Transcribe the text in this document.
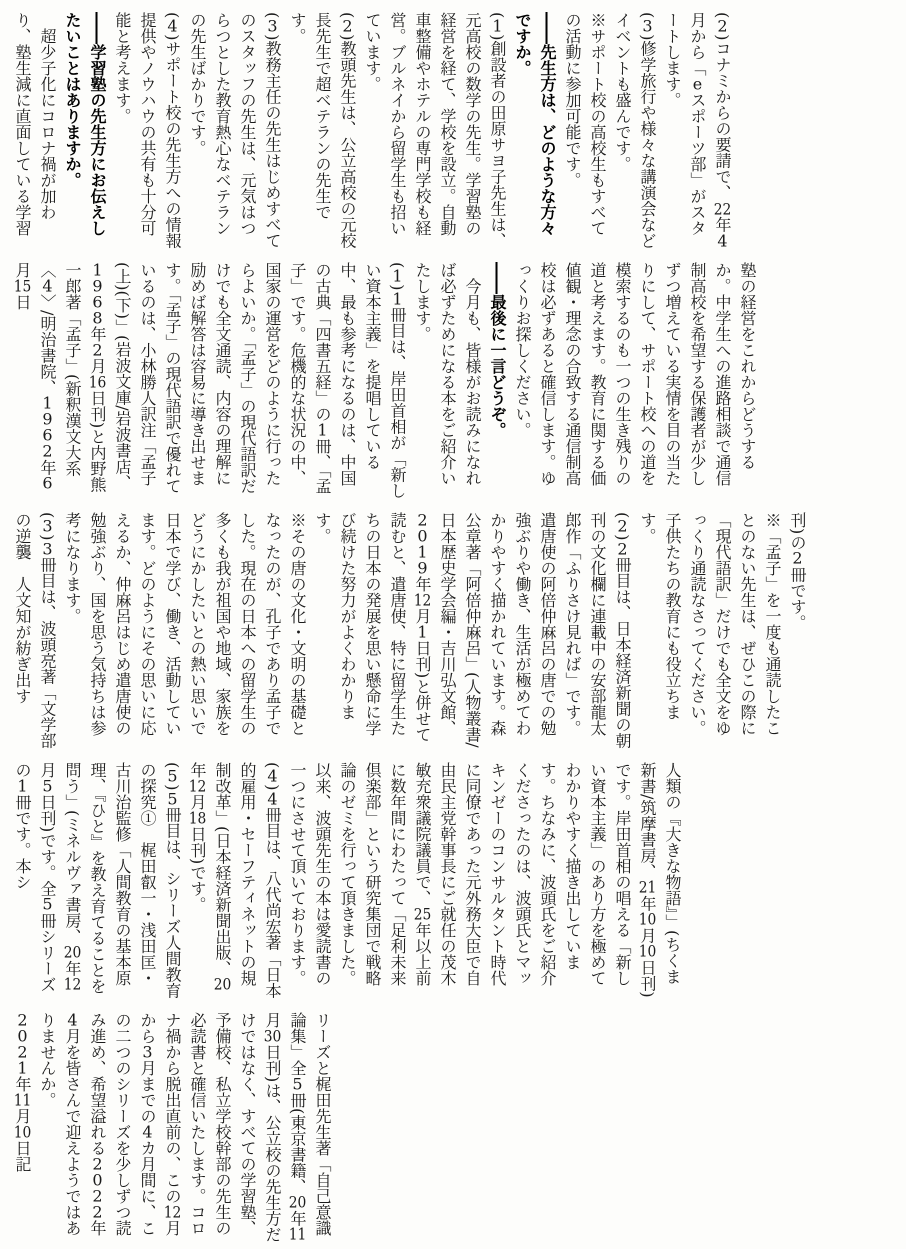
(2)コナミからの要請で、22年4月から「eスポーツ部」がスタートします。

(3)修学旅行や様々な講演会などイベントも盛んです。

※サポート校の高校生もすべての活動に参加可能です。

――先生方は、どのような方々ですか。

(1)創設者の田原サヨ子先生は、元高校の数学の先生。学習塾の経営を経て、学校を設立。自動車整備やホテルの専門学校も経営。ブルネイから留学生も招いています。

(2)教頭先生は、公立高校の元校長先生で超ベテランの先生です。

(3)教務主任の先生はじめすべてのスタッフの先生は、元気はつらつとした教育熱心なベテランの先生ばかりです。

(4)サポート校の先生方への情報提供やノウハウの共有も十分可能と考えます。

――学習塾の先生方にお伝えしたいことはありますか。

超少子化にコロナ禍が加わり、塾生減に直面している学習

塾の経営をこれからどうするか。中学生への進路相談で通信制高校を希望する保護者が少しずつ増えている実情を目の当たりにして、サポート校への道を模索するのも一つの生き残りの道と考えます。教育に関する価値観・理念の合致する通信制高校は必ずあると確信します。ゆっくりお探しください。

――最後に一言どうぞ。

今月も、皆様がお読みになれば必ずためになる本をご紹介いたします。

(1)1冊目は、岸田首相が「新しい資本主義」を提唱している中、最も参考になるのは、中国の古典「四書五経」の1冊、「孟子」です。危機的な状況の中、国家の運営をどのように行ったらよいか。「孟子」の現代語訳だけでも全文通読、内容の理解に励めば解答は容易に導き出せます。「孟子」の現代語訳で優れているのは、小林勝人訳注「孟子(上)(下)」(岩波文庫/岩波書店、1968年2月16日刊)と内野熊一郎著「孟子」(新釈漢文大系〈4〉/明治書院、1962年6月15日

刊)の2冊です。

※「孟子」を一度も通読したことのない先生は、ぜひこの際に「現代語訳」だけでも全文をゆっくり通読なさってください。子供たちの教育にも役立ちます。

(2)2冊目は、日本経済新聞の朝刊の文化欄に連載中の安部龍太郎作「ふりさけ見れば」です。遣唐使の阿倍仲麻呂の唐での勉強ぶりや働き、生活が極めてわかりやすく描かれています。森公章著「阿倍仲麻呂」(人物叢書/日本歴史学会編・吉川弘文館、2019年12月1日刊)と併せて読むと、遣唐使、特に留学生たちの日本の発展を思い懸命に学び続けた努力がよくわかります。

※その唐の文化・文明の基礎となったのが、孔子であり孟子でした。現在の日本への留学生の多くも我が祖国や地域、家族をどうにかしたいとの熱い思いで日本で学び、働き、活動しています。どのようにその思いに応えるか、仲麻呂はじめ遣唐使の勉強ぶり、国を思う気持ちは参考になります。

(3)3冊目は、波頭亮著「文学部の逆襲　人文知が紡ぎ出す

人類の『大きな物語』」(ちくま新書/筑摩書房、21年10月10日刊)です。岸田首相の唱える「新しい資本主義」のあり方を極めてわかりやすく描き出しています。ちなみに、波頭氏をご紹介くださったのは、波頭氏とマッキンゼーのコンサルタント時代に同僚であった元外務大臣で自由民主党幹事長にご就任の茂木敏充衆議院議員で、25年以上前に数年間にわたって「足利未来倶楽部」という研究集団で戦略論のゼミを行って頂きました。以来、波頭先生の本は愛読書の一つにさせて頂いております。

(4)4冊目は、八代尚宏著「日本的雇用・セーフティネットの規制改革」(日本経済新聞出版、20年12月18日刊)です。

(5)5冊目は、シリーズ人間教育の探究①　梶田叡一・浅田匡・古川治監修「人間教育の基本原理、『ひと』を教え育てることを問う」(ミネルヴァ書房、20年12月5日刊)です。全5冊シリーズの1冊です。本シ

リーズと梶田先生著「自己意識論集」全5冊(東京書籍、20年11月30日刊)は、公立校の先生方だけではなく、すべての学習塾、予備校、私立学校幹部の先生の必読書と確信いたします。コロナ禍から脱出直前の、この12月から3月までの4カ月間に、この二つのシリーズを少しずつ読み進め、希望溢れる2022年4月を皆さんで迎えようではありませんか。

2021年11月10日記
